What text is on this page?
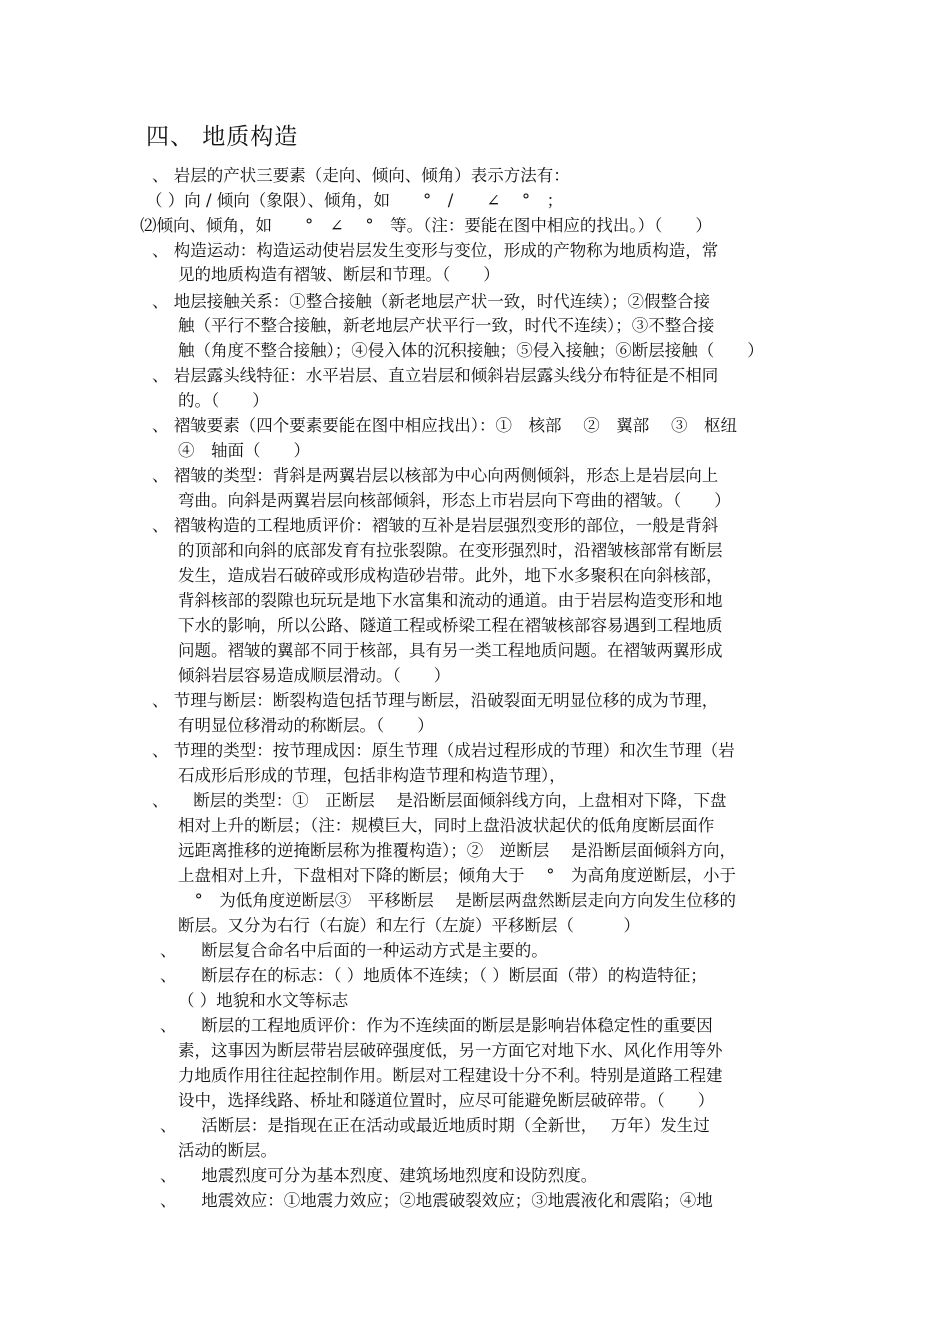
四、 地质构造
、 岩层的产状三要素（走向、倾向、倾角）表示方法有：
（ ）向 / 倾向（象限）、倾角，如　　°　/　　∠　 °　；
⑵倾向、倾角，如　　°　∠　 °　等。（注：要能在图中相应的找出。）（　　）
、 构造运动：构造运动使岩层发生变形与变位，形成的产物称为地质构造，常
见的地质构造有褶皱、断层和节理。（　　）
、 地层接触关系：①整合接触（新老地层产状一致，时代连续）；②假整合接
触（平行不整合接触，新老地层产状平行一致，时代不连续）；③不整合接
触（角度不整合接触）；④侵入体的沉积接触；⑤侵入接触；⑥断层接触（　　）
、 岩层露头线特征：水平岩层、直立岩层和倾斜岩层露头线分布特征是不相同
的。（　　）
、 褶皱要素（四个要素要能在图中相应找出）：①　核部　 ②　翼部　 ③　枢纽
④　轴面（　　）
、 褶皱的类型：背斜是两翼岩层以核部为中心向两侧倾斜，形态上是岩层向上
弯曲。向斜是两翼岩层向核部倾斜，形态上市岩层向下弯曲的褶皱。（　　）
、 褶皱构造的工程地质评价：褶皱的互补是岩层强烈变形的部位，一般是背斜
的顶部和向斜的底部发育有拉张裂隙。在变形强烈时，沿褶皱核部常有断层
发生，造成岩石破碎或形成构造砂岩带。此外，地下水多聚积在向斜核部，
背斜核部的裂隙也玩玩是地下水富集和流动的通道。由于岩层构造变形和地
下水的影响，所以公路、隧道工程或桥梁工程在褶皱核部容易遇到工程地质
问题。褶皱的翼部不同于核部，具有另一类工程地质问题。在褶皱两翼形成
倾斜岩层容易造成顺层滑动。（　　）
、 节理与断层：断裂构造包括节理与断层，沿破裂面无明显位移的成为节理，
有明显位移滑动的称断层。（　　）
、 节理的类型：按节理成因：原生节理（成岩过程形成的节理）和次生节理（岩
石成形后形成的节理，包括非构造节理和构造节理），
、　　断层的类型：①　正断层　 是沿断层面倾斜线方向，上盘相对下降，下盘
相对上升的断层；（注：规模巨大，同时上盘沿波状起伏的低角度断层面作
远距离推移的逆掩断层称为推覆构造）；②　逆断层　 是沿断层面倾斜方向，
上盘相对上升，下盘相对下降的断层；倾角大于　 °　为高角度逆断层，小于
　°　为低角度逆断层③　平移断层　 是断层两盘然断层走向方向发生位移的
断层。又分为右行（右旋）和左行（左旋）平移断层（　　　）
、　　断层复合命名中后面的一种运动方式是主要的。
、　　断层存在的标志：（ ）地质体不连续；（ ）断层面（带）的构造特征；
（ ）地貌和水文等标志
、　　断层的工程地质评价：作为不连续面的断层是影响岩体稳定性的重要因
素，这事因为断层带岩层破碎强度低，另一方面它对地下水、风化作用等外
力地质作用往往起控制作用。断层对工程建设十分不利。特别是道路工程建
设中，选择线路、桥址和隧道位置时，应尽可能避免断层破碎带。（　　）
、　　活断层：是指现在正在活动或最近地质时期（全新世，　 万年）发生过
活动的断层。
、　　地震烈度可分为基本烈度、建筑场地烈度和设防烈度。
、　　地震效应：①地震力效应；②地震破裂效应；③地震液化和震陷；④地
